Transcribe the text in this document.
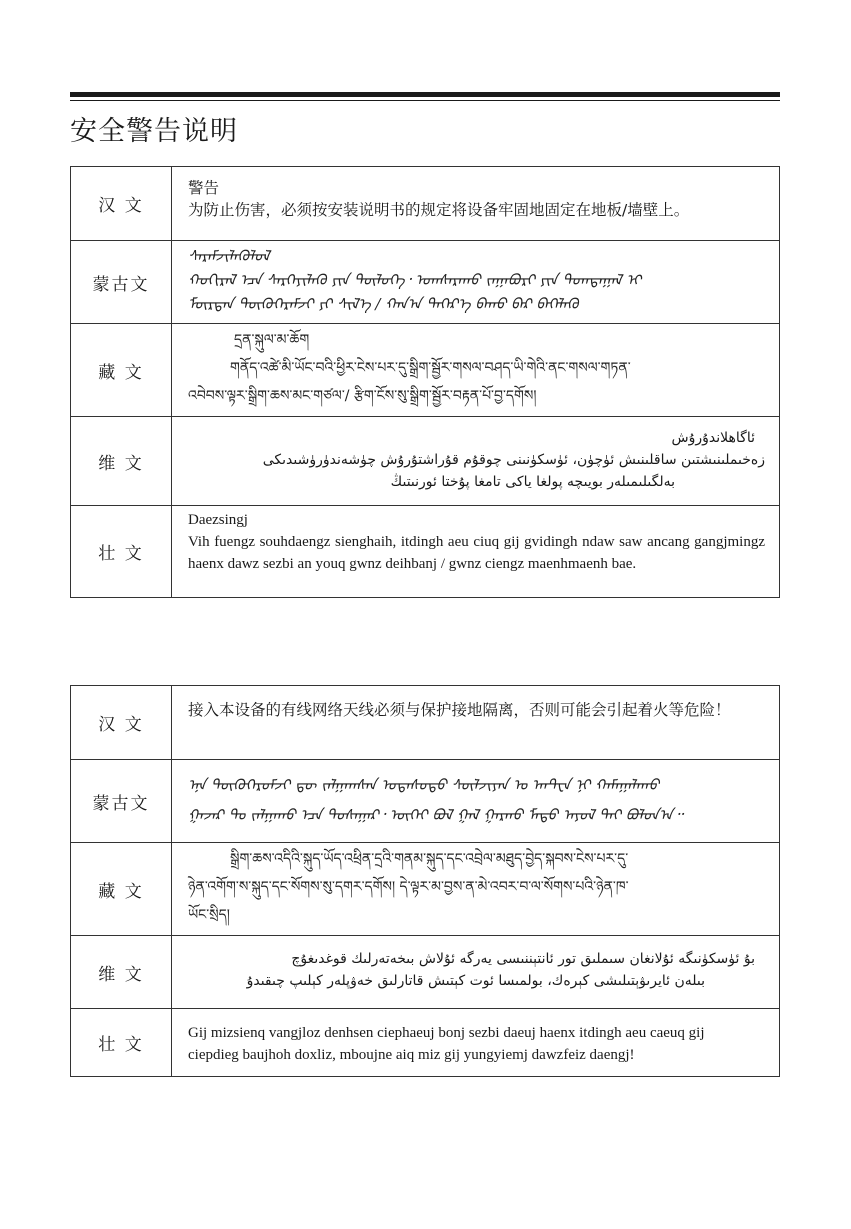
安全警告说明
汉 文	警告
为防止伤害，必须按安装说明书的规定将设备牢固地固定在地板/墙壁上。

蒙古文	ᠰᠡᠷᠡᠮᠵᠢᠯᠡᠬᠦᠯᠦᠯ
ᠬᠣᠬᠢᠷᠠᠯ ᠡᠴᠡ ᠰᠡᠷᠭᠡᠶᠢᠯᠡᠬᠦ ᠶᠢᠨ ᠲᠥᠯᠥᠭᠡ᠂ ᠤᠭᠰᠠᠷᠠᠬᠤ ᠵᠠᠭᠠᠪᠤᠷᠢ ᠶᠢᠨ ᠲᠣᠭᠲᠠᠭᠠᠯ ᠢ
ᠮᠥᠷᠳᠡᠨ ᠲᠥᠭᠥᠭᠡᠷᠡᠮᠵᠢ ᠶᠢ ᠰᠢᠯ᠎ᠡ / ᠬᠠᠨ᠎ᠠ ᠳᠡᠭᠡᠷ᠎ᠡ ᠪᠠᠬᠤ ᠪᠡᠷ ᠪᠡᠬᠡᠯᠡᠬᠦ

藏 文	དྲན་སྐུལ་མ་ཆོག
གནོད་འཚེ་མི་ཡོང་བའི་ཕྱིར་ངེས་པར་དུ་སྒྲིག་སྦྱོར་གསལ་བཤད་ཡི་གེའི་ནང་གསལ་གཏན་
འབེབས་ལྟར་སྒྲིག་ཆས་མང་གཙལ་/ རྩིག་ངོས་སུ་སྒྲིག་སྦྱོར་བརྟན་པོ་བྱ་དགོས།

维 文	ئاگاھلاندۇرۇش
زەخىملىنىشتىن ساقلىنىش ئۈچۈن، ئۈسكۈنىنى چوقۇم قۇراشتۇرۇش چۈشەندۈرۈشىدىكى
بەلگىلىمىلەر بويىچە پولغا ياكى تامغا پۇختا ئورنىتىڭ

壮 文	Daezsingj
Vih fuengz souhdaengz sienghaih, itdingh aeu ciuq gij gvidingh ndaw saw ancang gangjmingz haenx dawz sezbi an youq gwnz deihbanj / gwnz ciengz maenhmaenh bae.
汉 文	接入本设备的有线网络天线必须与保护接地隔离，否则可能会引起着火等危险！
蒙古文	ᠡᠨᠡ ᠲᠥᠬᠥᠭᠡᠷᠦᠮᠵᠢ ᠳᠦ ᠵᠠᠯᠭᠠᠭᠰᠠᠨ ᠤᠲᠠᠰᠤᠲᠤ ᠰᠦᠯᠵᠢᠶᠡᠨ ᠤ ᠠᠨᠲ᠋ᠧᠨ ᠨᠢ ᠬᠠᠮᠠᠭᠠᠯᠠᠬᠤ
ᠭᠠᠵᠠᠷ ᠲᠤ ᠵᠠᠯᠭᠠᠬᠤ ᠡᠴᠡ ᠲᠤᠰᠠᠭᠠᠷ᠂ ᠦᠭᠡᠢ ᠪᠣᠯ ᠭᠠᠯ ᠭᠠᠷᠬᠤ ᠮᠡᠲᠦ ᠠᠶᠤᠯ ᠲᠠᠢ ᠪᠣᠯᠤᠨ᠎ᠠ᠃

藏 文	སྒྲིག་ཆས་འདིའི་སྐུད་ཡོད་འཕྲིན་དྲའི་གནམ་སྐུད་དང་འབྲེལ་མཐུད་བྱེད་སྐབས་ངེས་པར་དུ་
ཉེན་འགོག་ས་སྐུད་དང་སོགས་སུ་དགར་དགོས། དེ་ལྟར་མ་བྱས་ན་མེ་འབར་བ་ལ་སོགས་པའི་ཉེན་ཁ་
ཡོང་སྲིད།

维 文	بۇ ئۈسكۈنىگە ئۇلانغان سىملىق تور ئانتېننىسى يەرگە ئۇلاش بىخەتەرلىك قوغدىغۇچ
بىلەن ئايرىۋېتىلىشى كېرەك، بولمىسا ئوت كېتىش قاتارلىق خەۋپلەر كېلىپ چىقىدۇ

壮 文	Gij mizsienq vangjloz denhsen ciephaeuj bonj sezbi daeuj haenx itdingh aeu caeuq gij ciepdieg baujhoh doxliz, mboujne aiq miz gij yungyiemj dawzfeiz daengj!
